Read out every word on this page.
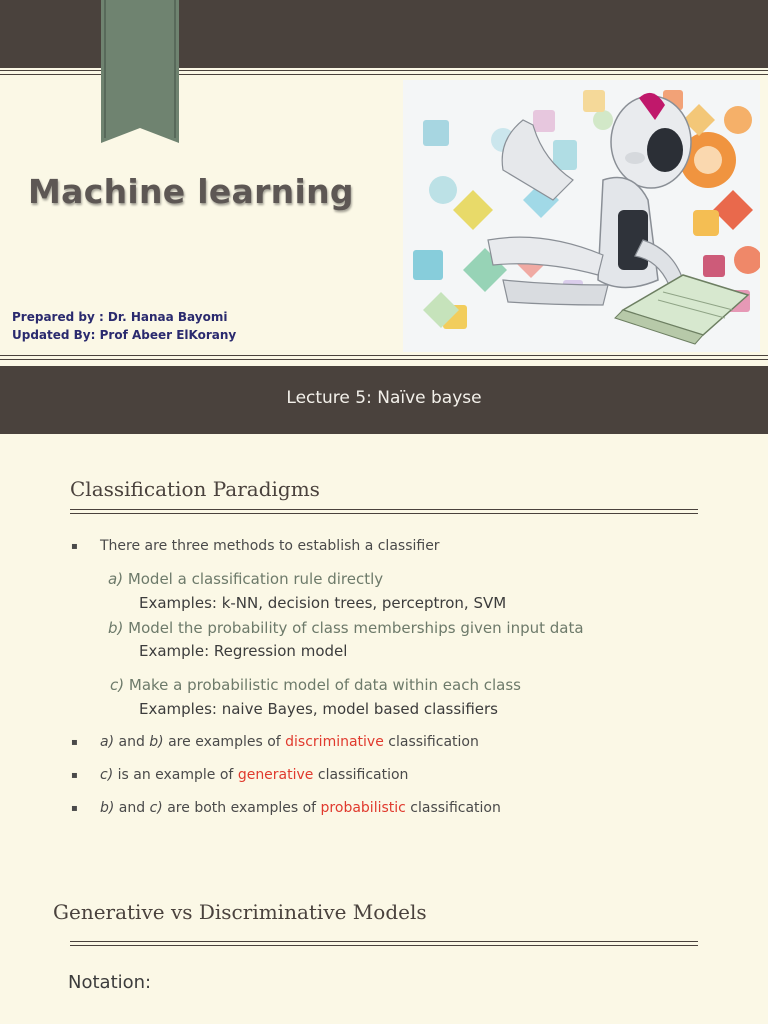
Machine learning
Prepared by : Dr. Hanaa Bayomi
Updated By: Prof Abeer ElKorany
Lecture 5: Naïve bayse
Classification Paradigms
▪ There are three methods to establish a classifier
a) Model a classification rule directly
Examples: k-NN, decision trees, perceptron, SVM
b) Model the probability of class memberships given input data
Example: Regression model
c) Make a probabilistic model of data within each class
Examples: naive Bayes, model based classifiers
▪ a) and b) are examples of discriminative classification
▪ c) is an example of generative classification
▪ b) and c) are both examples of probabilistic classification
Generative vs Discriminative Models
Notation:
